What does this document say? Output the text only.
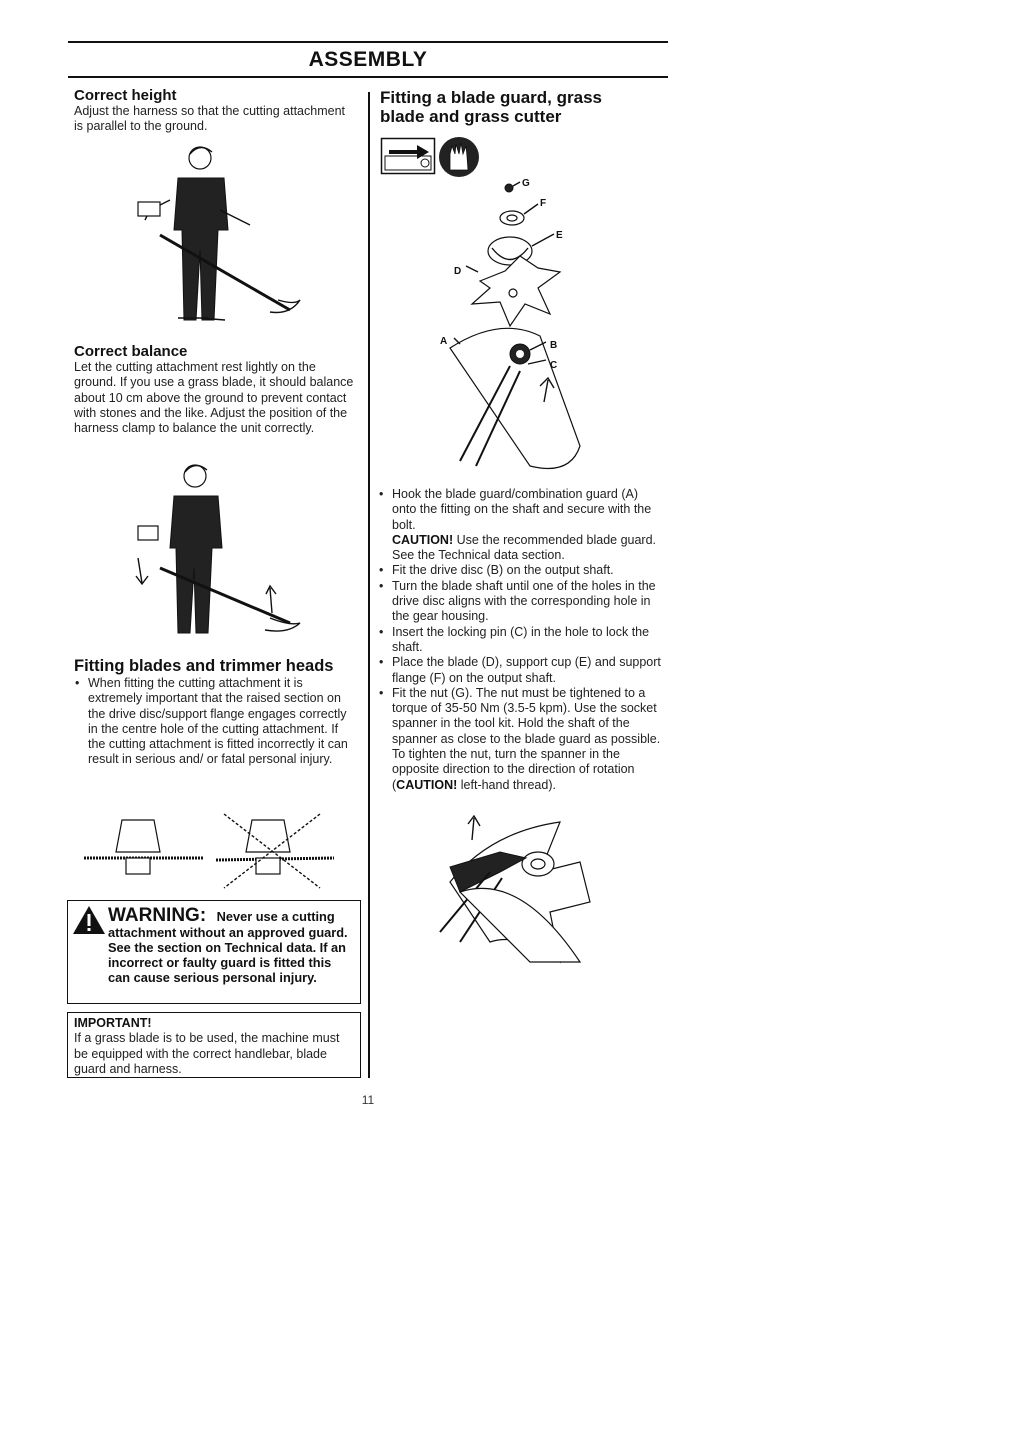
ASSEMBLY

Correct height

Adjust the harness so that the cutting attachment is parallel to the ground.

Correct balance

Let the cutting attachment rest lightly on the ground. If you use a grass blade, it should balance about 10 cm above the ground to prevent contact with stones and the like. Adjust the position of the harness clamp to balance the unit correctly.

Fitting blades and trimmer heads

• When fitting the cutting attachment it is extremely important that the raised section on the drive disc/support flange engages correctly in the centre hole of the cutting attachment. If the cutting attachment is fitted incorrectly it can result in serious and/ or fatal personal injury.
WARNING: Never use a cutting
attachment without an approved guard. See the section on Technical data. If an incorrect or faulty guard is fitted this can cause serious personal injury.

IMPORTANT!

If a grass blade is to be used, the machine must be equipped with the correct handlebar, blade guard and harness.

Fitting a blade guard, grass blade and grass cutter

G
F
E
D
A	B
C
• Hook the blade guard/combination guard (A) onto the fitting on the shaft and secure with the bolt.
CAUTION! Use the recommended blade guard. See the Technical data section.
• Fit the drive disc (B) on the output shaft.
• Turn the blade shaft until one of the holes in the drive disc aligns with the corresponding hole in the gear housing.
• Insert the locking pin (C) in the hole to lock the shaft.
• Place the blade (D), support cup (E) and support flange (F) on the output shaft.
• Fit the nut (G). The nut must be tightened to a torque of 35-50 Nm (3.5-5 kpm). Use the socket spanner in the tool kit. Hold the shaft of the spanner as close to the blade guard as possible. To tighten the nut, turn the spanner in the opposite direction to the direction of rotation (CAUTION! left-hand thread).
11
